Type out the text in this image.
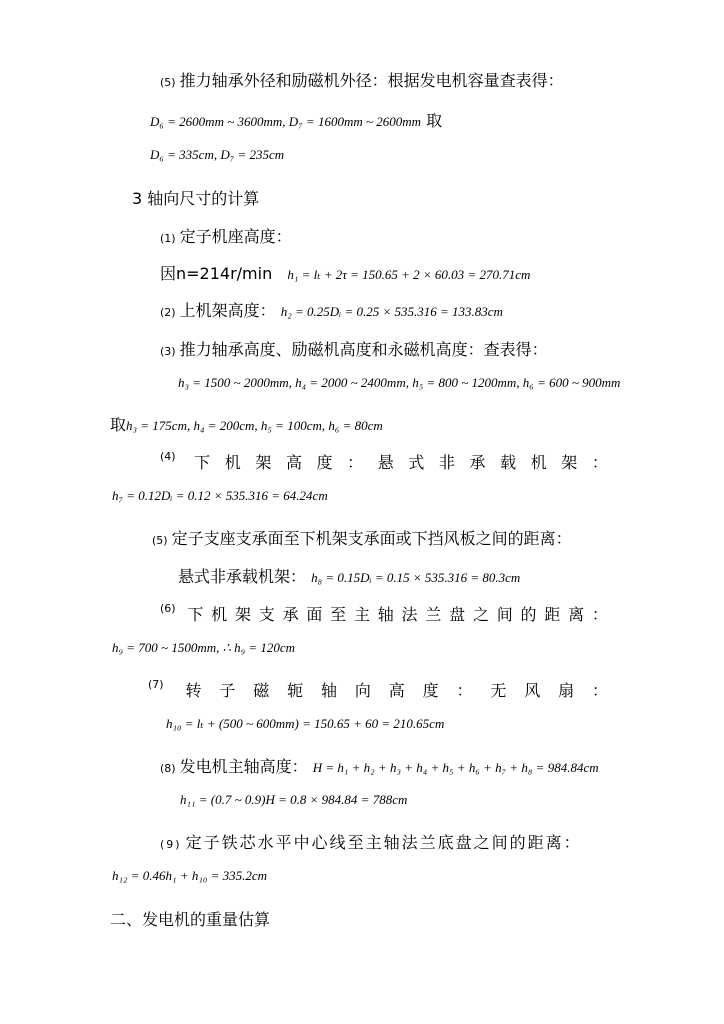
(5) 推力轴承外径和励磁机外径：根据发电机容量查表得：
D₆ = 2600mm ~ 3600mm, D₇ = 1600mm ~ 2600mm 取
D₆ = 335cm, D₇ = 235cm
3 轴向尺寸的计算
(1) 定子机座高度：
因n=214r/min h₁ = lₜ + 2τ = 150.65 + 2 × 60.03 = 270.71cm
(2) 上机架高度： h₂ = 0.25Dᵢ = 0.25 × 535.316 = 133.83cm
(3) 推力轴承高度、励磁机高度和永磁机高度：查表得：
h₃ = 1500 ~ 2000mm, h₄ = 2000 ~ 2400mm, h₅ = 800 ~ 1200mm, h₆ = 600 ~ 900mm
取h₃ = 175cm, h₄ = 200cm, h₅ = 100cm, h₆ = 80cm
(4) 下 机 架 高 度 ： 悬 式 非 承 载 机 架 ：
h₇ = 0.12Dᵢ = 0.12 × 535.316 = 64.24cm
(5) 定子支座支承面至下机架支承面或下挡风板之间的距离：
悬式非承载机架： h₈ = 0.15Dᵢ = 0.15 × 535.316 = 80.3cm
(6) 下 机 架 支 承 面 至 主 轴 法 兰 盘 之 间 的 距 离 ：
h₉ = 700 ~ 1500mm, ∴ h₉ = 120cm
(7) 转 子 磁 轭 轴 向 高 度 ： 无 风 扇 ：
h₁₀ = lₜ + (500 ~ 600mm) = 150.65 + 60 = 210.65cm
(8) 发电机主轴高度： H = h₁ + h₂ + h₃ + h₄ + h₅ + h₆ + h₇ + h₈ = 984.84cm
h₁₁ = (0.7 ~ 0.9)H = 0.8 × 984.84 = 788cm
(9) 定子铁芯水平中心线至主轴法兰底盘之间的距离：
h₁₂ = 0.46h₁ + h₁₀ = 335.2cm
二、发电机的重量估算
